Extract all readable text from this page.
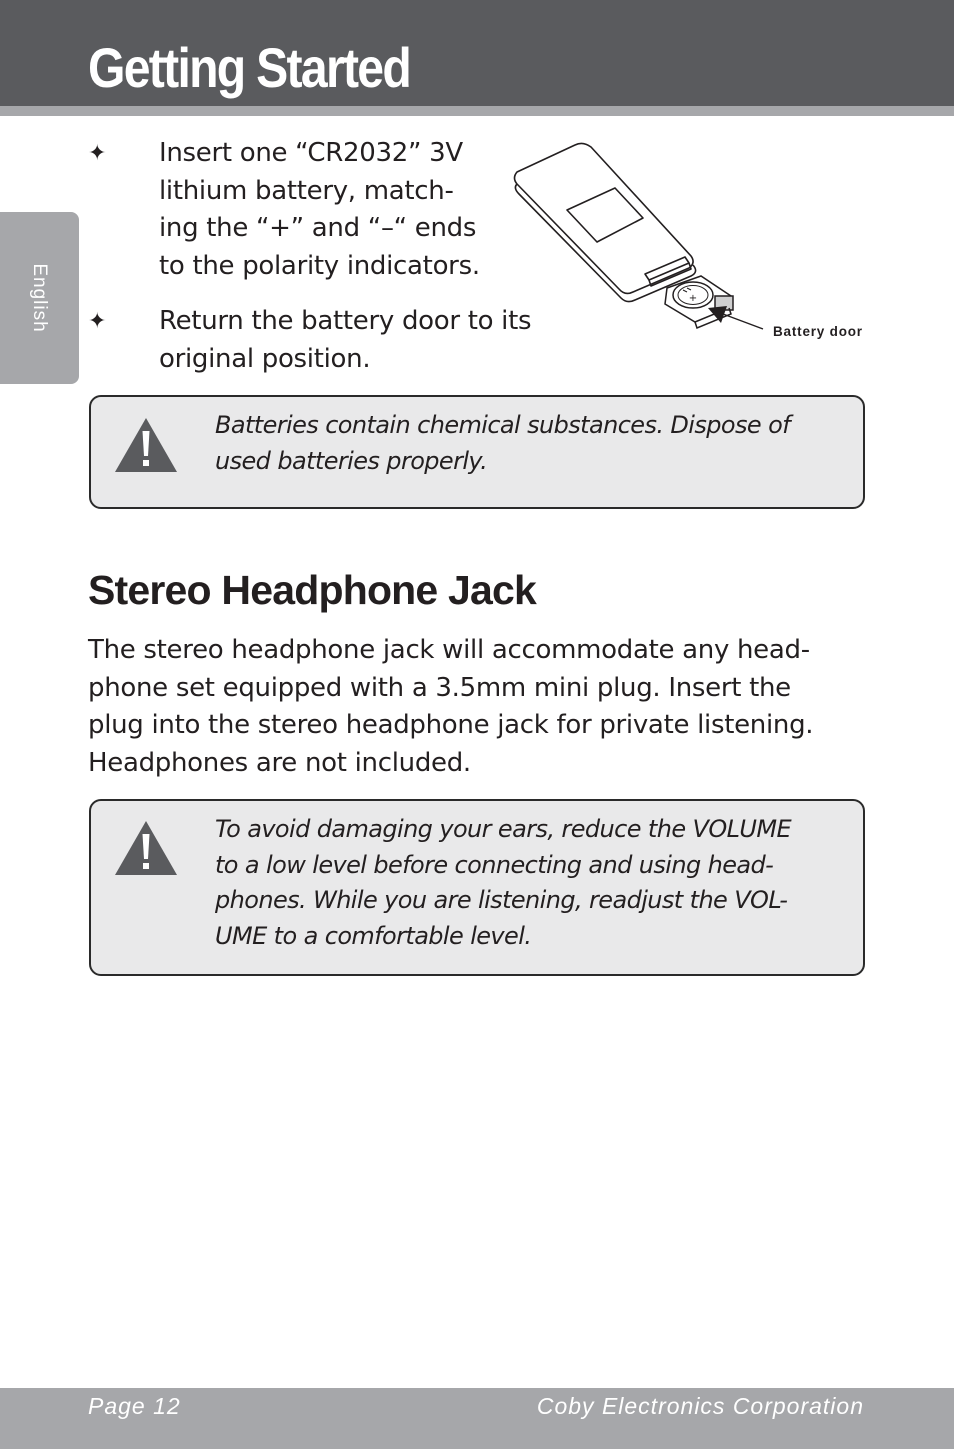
Getting Started
English
✦	Insert one “CR2032” 3V
lithium battery, match-
ing the “+” and “–“ ends
to the polarity indicators.
✦	Return the battery door to its
original position.
+
Battery door
Batteries contain chemical substances. Dispose of
used batteries properly.
Stereo Headphone Jack

The stereo headphone jack will accommodate any head-
phone set equipped with a 3.5mm mini plug. Insert the
plug into the stereo headphone jack for private listening.
Headphones are not included.

To avoid damaging your ears, reduce the VOLUME
to a low level before connecting and using head-
phones. While you are listening, readjust the VOL-
UME to a comfortable level.
Page 12	Coby Electronics Corporation
